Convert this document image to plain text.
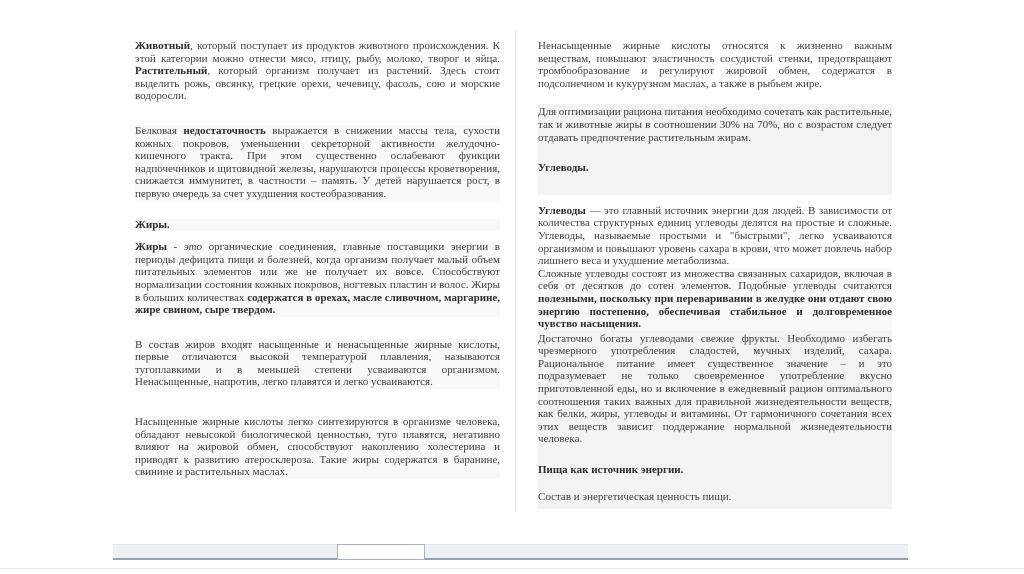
Животный, который поступает из продуктов животного происхождения. К этой категории можно отнести мясо, птицу, рыбу, молоко, творог и яйца. Растительный, который организм получает из растений. Здесь стоит выделить рожь, овсянку, грецкие орехи, чечевицу, фасоль, сою и морские водоросли.
Белковая недостаточность выражается в снижении массы тела, сухости кожных покровов, уменьшении секреторной активности желудочно-кишечного тракта. При этом существенно ослабевают функции надпочечников и щитовидной железы, нарушаются процессы кроветворения, снижается иммунитет, в частности – память. У детей нарушается рост, в первую очередь за счет ухудшения костеобразования.
Жиры.
Жиры - это органические соединения, главные поставщики энергии в периоды дефицита пищи и болезней, когда организм получает малый объем питательных элементов или же не получает их вовсе. Способствуют нормализации состояния кожных покровов, ногтевых пластин и волос. Жиры в больших количествах содержатся в орехах, масле сливочном, маргарине, жире свином, сыре твердом.
В состав жиров входят насыщенные и ненасыщенные жирные кислоты, первые отличаются высокой температурой плавления, называются тугоплавкими и в меньшей степени усваиваются организмом. Ненасыщенные, напротив, легко плавятся и легко усваиваются.
Насыщенные жирные кислоты легко синтезируются в организме человека, обладают невысокой биологической ценностью, туго плавятся, негативно влияют на жировой обмен, способствуют накоплению холестерина и приводят к развитию атеросклероза. Такие жиры содержатся в баранине, свинине и растительных маслах.
Ненасыщенные жирные кислоты относятся к жизненно важным веществам, повышают эластичность сосудистой стенки, предотвращают тромбообразование и регулируют жировой обмен, содержатся в подсолнечном и кукурузном маслах, а также в рыбьем жире.
Для оптимизации рациона питания необходимо сочетать как растительные, так и животные жиры в соотношении 30% на 70%, но с возрастом следует отдавать предпочтение растительным жирам.
Углеводы.
Углеводы — это главный источник энергии для людей. В зависимости от количества структурных единиц углеводы делятся на простые и сложные. Углеводы, называемые простыми и "быстрыми", легко усваиваются организмом и повышают уровень сахара в крови, что может повлечь набор лишнего веса и ухудшение метаболизма.
Сложные углеводы состоят из множества связанных сахаридов, включая в себя от десятков до сотен элементов. Подобные углеводы считаются полезными, поскольку при переваривании в желудке они отдают свою энергию постепенно, обеспечивая стабильное и долговременное чувство насыщения.
Достаточно богаты углеводами свежие фрукты. Необходимо избегать чрезмерного употребления сладостей, мучных изделий, сахара. Рациональное питание имеет существенное значение – и это подразумевает не только своевременное употребление вкусно приготовленной еды, но и включение в ежедневный рацион оптимального соотношения таких важных для правильной жизнедеятельности веществ, как белки, жиры, углеводы и витамины. От гармоничного сочетания всех этих веществ зависит поддержание нормальной жизнедеятельности человека.
Пища как источник энергии.
Состав и энергетическая ценность пищи.
